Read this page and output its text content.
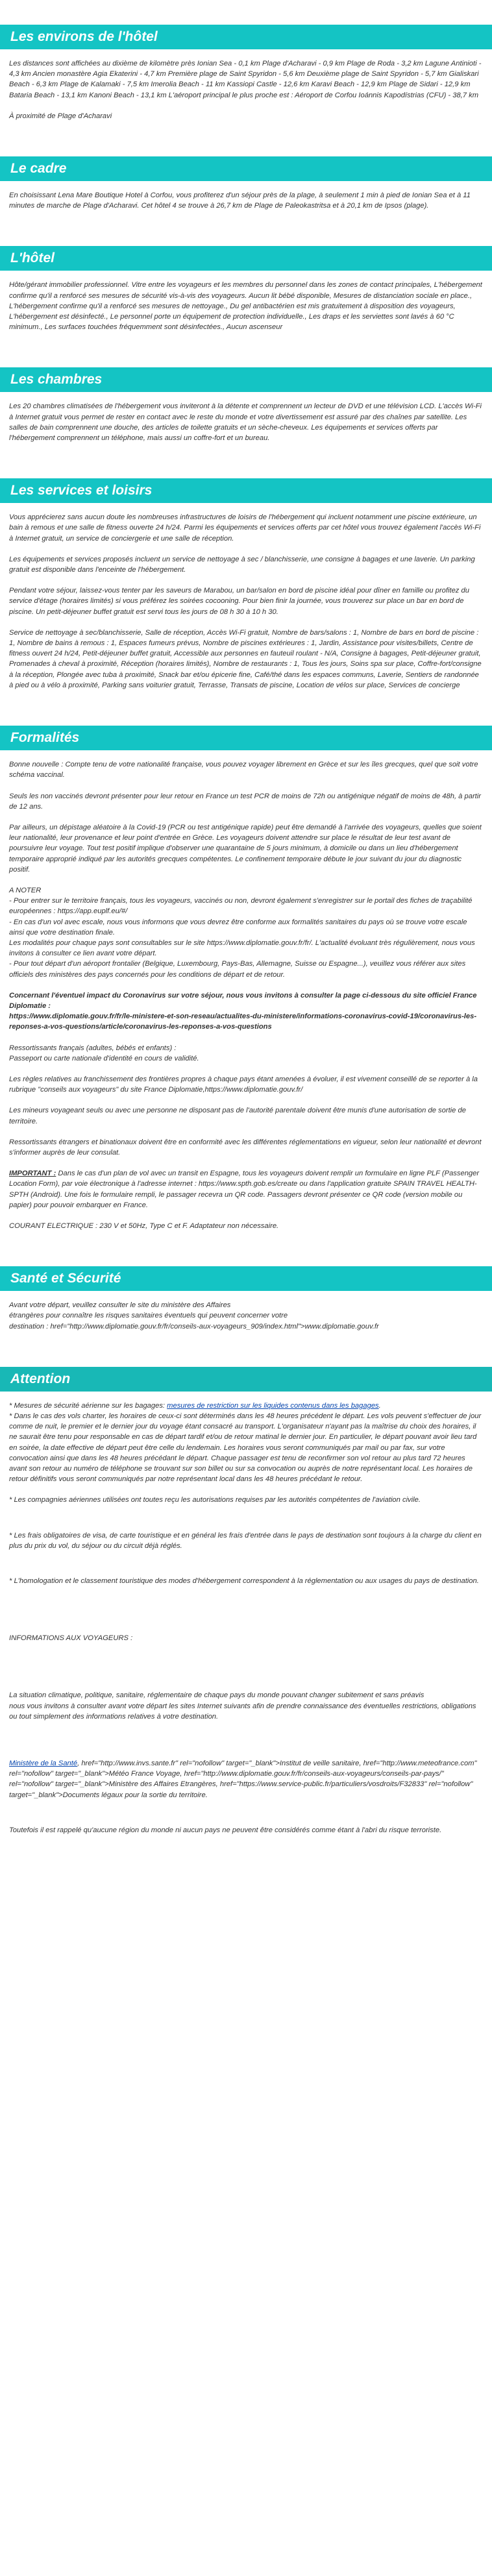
Les environs de l'hôtel

Les distances sont affichées au dixième de kilomètre près Ionian Sea - 0,1 km Plage d'Acharavi - 0,9 km Plage de Roda - 3,2 km Lagune Antinioti - 4,3 km Ancien monastère Agia Ekaterini - 4,7 km Première plage de Saint Spyridon - 5,6 km Deuxième plage de Saint Spyridon - 5,7 km Gialiskari Beach - 6,3 km Plage de Kalamaki - 7,5 km Imerolia Beach - 11 km Kassiopi Castle - 12,6 km Karavi Beach - 12,9 km Plage de Sidari - 12,9 km Bataria Beach - 13,1 km Kanoni Beach - 13,1 km L'aéroport principal le plus proche est : Aéroport de Corfou Ioánnis Kapodístrias (CFU) - 38,7 km

À proximité de Plage d'Acharavi

Le cadre

En choisissant Lena Mare Boutique Hotel à Corfou, vous profiterez d'un séjour près de la plage, à seulement 1 min à pied de Ionian Sea et à 11 minutes de marche de Plage d'Acharavi. Cet hôtel 4 se trouve à 26,7 km de Plage de Paleokastritsa et à 20,1 km de Ipsos (plage).

L'hôtel

Hôte/gérant immobilier professionnel. Vitre entre les voyageurs et les membres du personnel dans les zones de contact principales, L'hébergement confirme qu'il a renforcé ses mesures de sécurité vis-à-vis des voyageurs. Aucun lit bébé disponible, Mesures de distanciation sociale en place., L'hébergement confirme qu'il a renforcé ses mesures de nettoyage., Du gel antibactérien est mis gratuitement à disposition des voyageurs, L'hébergement est désinfecté., Le personnel porte un équipement de protection individuelle., Les draps et les serviettes sont lavés à 60 °C minimum., Les surfaces touchées fréquemment sont désinfectées., Aucun ascenseur

Les chambres

Les 20 chambres climatisées de l'hébergement vous inviteront à la détente et comprennent un lecteur de DVD et une télévision LCD. L'accès Wi-Fi à Internet gratuit vous permet de rester en contact avec le reste du monde et votre divertissement est assuré par des chaînes par satellite. Les salles de bain comprennent une douche, des articles de toilette gratuits et un sèche-cheveux. Les équipements et services offerts par l'hébergement comprennent un téléphone, mais aussi un coffre-fort et un bureau.

Les services et loisirs

Vous apprécierez sans aucun doute les nombreuses infrastructures de loisirs de l'hébergement qui incluent notamment une piscine extérieure, un bain à remous et une salle de fitness ouverte 24 h/24. Parmi les équipements et services offerts par cet hôtel vous trouvez également l'accès Wi-Fi à Internet gratuit, un service de conciergerie et une salle de réception.

Les équipements et services proposés incluent un service de nettoyage à sec / blanchisserie, une consigne à bagages et une laverie. Un parking gratuit est disponible dans l'enceinte de l'hébergement.

Pendant votre séjour, laissez-vous tenter par les saveurs de Marabou, un bar/salon en bord de piscine idéal pour dîner en famille ou profitez du service d'étage (horaires limités) si vous préférez les soirées cocooning. Pour bien finir la journée, vous trouverez sur place un bar en bord de piscine. Un petit-déjeuner buffet gratuit est servi tous les jours de 08 h 30 à 10 h 30.

Service de nettoyage à sec/blanchisserie, Salle de réception, Accès Wi-Fi gratuit, Nombre de bars/salons : 1, Nombre de bars en bord de piscine : 1, Nombre de bains à remous : 1, Espaces fumeurs prévus, Nombre de piscines extérieures : 1, Jardin, Assistance pour visites/billets, Centre de fitness ouvert 24 h/24, Petit-déjeuner buffet gratuit, Accessible aux personnes en fauteuil roulant - N/A, Consigne à bagages, Petit-déjeuner gratuit, Promenades à cheval à proximité, Réception (horaires limités), Nombre de restaurants : 1, Tous les jours, Soins spa sur place, Coffre-fort/consigne à la réception, Plongée avec tuba à proximité, Snack bar et/ou épicerie fine, Café/thé dans les espaces communs, Laverie, Sentiers de randonnée à pied ou à vélo à proximité, Parking sans voiturier gratuit, Terrasse, Transats de piscine, Location de vélos sur place, Services de concierge

Formalités

Bonne nouvelle : Compte tenu de votre nationalité française, vous pouvez voyager librement en Grèce et sur les îles grecques, quel que soit votre schéma vaccinal.

Seuls les non vaccinés devront présenter pour leur retour en France un test PCR de moins de 72h ou antigénique négatif de moins de 48h, à partir de 12 ans.

Par ailleurs, un dépistage aléatoire à la Covid-19 (PCR ou test antigénique rapide) peut être demandé à l'arrivée des voyageurs, quelles que soient leur nationalité, leur provenance et leur point d'entrée en Grèce. Les voyageurs doivent attendre sur place le résultat de leur test avant de poursuivre leur voyage. Tout test positif implique d'observer une quarantaine de 5 jours minimum, à domicile ou dans un lieu d'hébergement temporaire approprié indiqué par les autorités grecques compétentes. Le confinement temporaire débute le jour suivant du jour du diagnostic positif.

A NOTER

- Pour entrer sur le territoire français, tous les voyageurs, vaccinés ou non, devront également s'enregistrer sur le portail des fiches de traçabilité européennes : https://app.euplf.eu/#/

- En cas d'un vol avec escale, nous vous informons que vous devrez être conforme aux formalités sanitaires du pays où se trouve votre escale ainsi que votre destination finale.

Les modalités pour chaque pays sont consultables sur le site https://www.diplomatie.gouv.fr/fr/. L'actualité évoluant très régulièrement, nous vous invitons à consulter ce lien avant votre départ.

- Pour tout départ d'un aéroport frontalier (Belgique, Luxembourg, Pays-Bas, Allemagne, Suisse ou Espagne...), veuillez vous référer aux sites officiels des ministères des pays concernés pour les conditions de départ et de retour.

Concernant l'éventuel impact du Coronavirus sur votre séjour, nous vous invitons à consulter la page ci-dessous du site officiel France Diplomatie :

https://www.diplomatie.gouv.fr/fr/le-ministere-et-son-reseau/actualites-du-ministere/informations-coronavirus-covid-19/coronavirus-les-reponses-a-vos-questions/article/coronavirus-les-reponses-a-vos-questions

Ressortissants français (adultes, bébés et enfants) :

Passeport ou carte nationale d'identité en cours de validité.

Les règles relatives au franchissement des frontières propres à chaque pays étant amenées à évoluer, il est vivement conseillé de se reporter à la rubrique "conseils aux voyageurs" du site France Diplomatie,https://www.diplomatie.gouv.fr/

Les mineurs voyageant seuls ou avec une personne ne disposant pas de l'autorité parentale doivent être munis d'une autorisation de sortie de territoire.

Ressortissants étrangers et binationaux doivent être en conformité avec les différentes réglementations en vigueur, selon leur nationalité et devront s'informer auprès de leur consulat.

IMPORTANT : Dans le cas d'un plan de vol avec un transit en Espagne, tous les voyageurs doivent remplir un formulaire en ligne PLF (Passenger Location Form), par voie électronique à l'adresse internet : https://www.spth.gob.es/create ou dans l'application gratuite SPAIN TRAVEL HEALTH-SPTH (Android). Une fois le formulaire rempli, le passager recevra un QR code. Passagers devront présenter ce QR code (version mobile ou papier) pour pouvoir embarquer en France.

COURANT ELECTRIQUE : 230 V et 50Hz, Type C et F. Adaptateur non nécessaire.

Santé et Sécurité

Avant votre départ, veuillez consulter le site du ministère des Affaires

étrangères pour connaître les risques sanitaires éventuels qui peuvent concerner votre

destination : href="http://www.diplomatie.gouv.fr/fr/conseils-aux-voyageurs_909/index.html">www.diplomatie.gouv.fr

Attention

* Mesures de sécurité aérienne sur les bagages: mesures de restriction sur les liquides contenus dans les bagages.

* Dans le cas des vols charter, les horaires de ceux-ci sont déterminés dans les 48 heures précédent le départ. Les vols peuvent s'effectuer de jour comme de nuit, le premier et le dernier jour du voyage étant consacré au transport. L'organisateur n'ayant pas la maîtrise du choix des horaires, il ne saurait être tenu pour responsable en cas de départ tardif et/ou de retour matinal le dernier jour. En particulier, le départ pouvant avoir lieu tard en soirée, la date effective de départ peut être celle du lendemain. Les horaires vous seront communiqués par mail ou par fax, sur votre convocation ainsi que dans les 48 heures précédant le départ. Chaque passager est tenu de reconfirmer son vol retour au plus tard 72 heures avant son retour au numéro de téléphone se trouvant sur son billet ou sur sa convocation ou auprès de notre représentant local. Les horaires de retour définitifs vous seront communiqués par notre représentant local dans les 48 heures précédant le retour.

* Les compagnies aériennes utilisées ont toutes reçu les autorisations requises par les autorités compétentes de l'aviation civile.

* Les frais obligatoires de visa, de carte touristique et en général les frais d'entrée dans le pays de destination sont toujours à la charge du client en plus du prix du vol, du séjour ou du circuit déjà réglés.

* L'homologation et le classement touristique des modes d'hébergement correspondent à la réglementation ou aux usages du pays de destination.

INFORMATIONS AUX VOYAGEURS :

La situation climatique, politique, sanitaire, réglementaire de chaque pays du monde pouvant changer subitement et sans préavis

nous vous invitons à consulter avant votre départ les sites Internet suivants afin de prendre connaissance des éventuelles restrictions, obligations ou tout simplement des informations relatives à votre destination.

Ministère de la Santé, href="http://www.invs.sante.fr" rel="nofollow" target="_blank">Institut de veille sanitaire, href="http://www.meteofrance.com" rel="nofollow" target="_blank">Météo France Voyage, href="http://www.diplomatie.gouv.fr/fr/conseils-aux-voyageurs/conseils-par-pays/" rel="nofollow" target="_blank">Ministère des Affaires Etrangères, href="https://www.service-public.fr/particuliers/vosdroits/F32833" rel="nofollow" target="_blank">Documents légaux pour la sortie du territoire.

Toutefois il est rappelé qu'aucune région du monde ni aucun pays ne peuvent être considérés comme étant à l'abri du risque terroriste.
